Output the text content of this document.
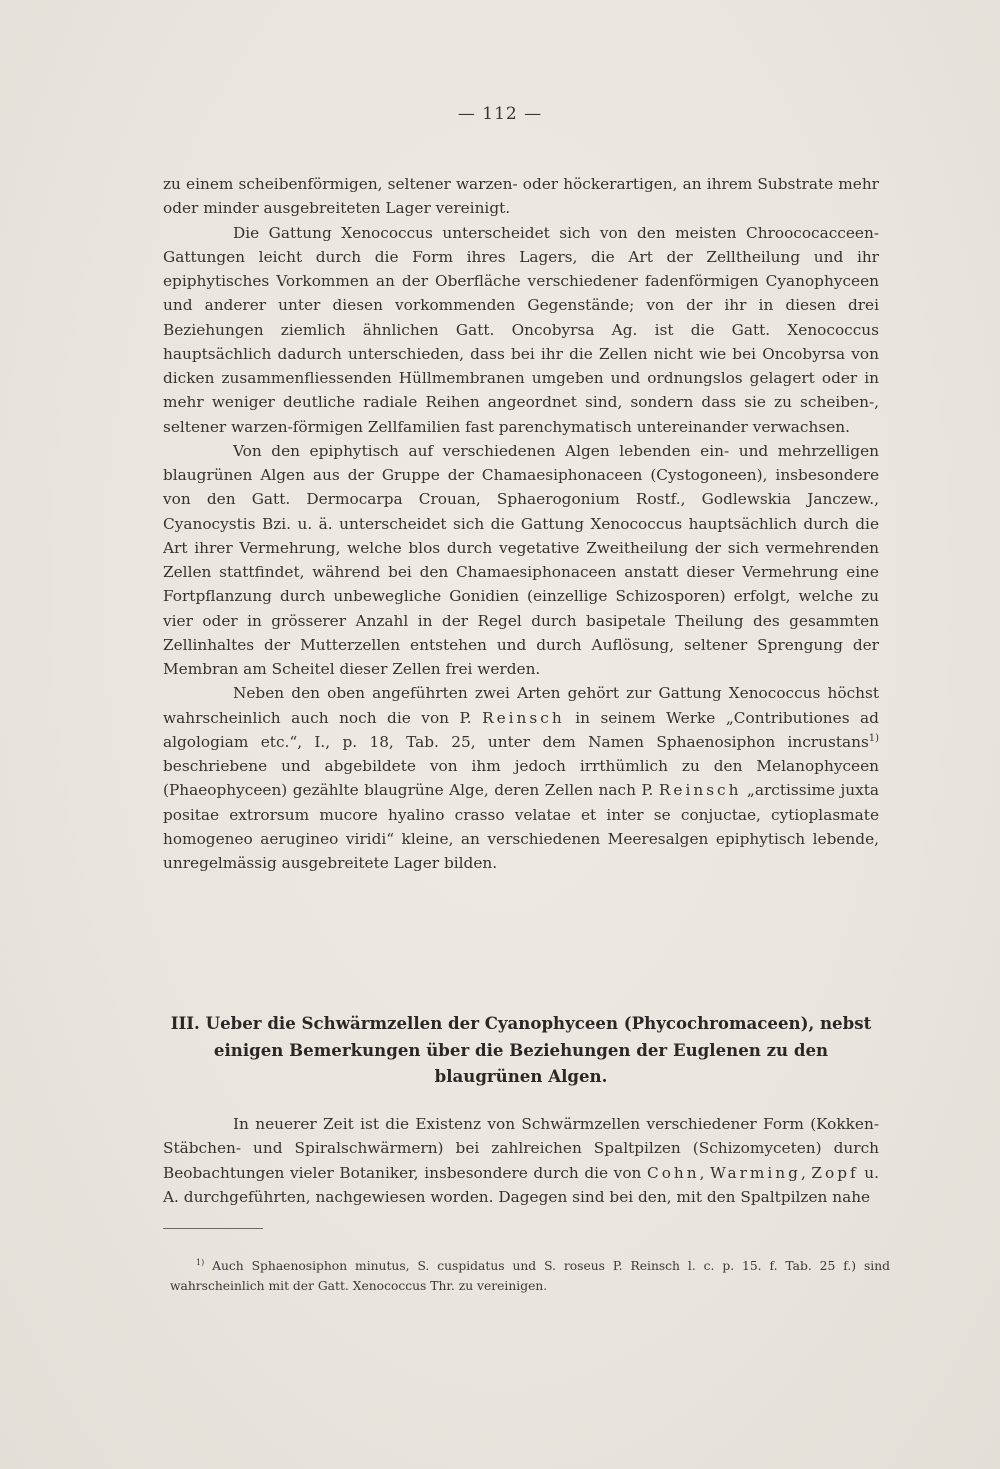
— 112 —

zu einem scheibenförmigen, seltener warzen- oder höckerartigen, an ihrem Substrate mehr oder minder ausgebreiteten Lager vereinigt.

Die Gattung Xenococcus unterscheidet sich von den meisten Chroococacceen-Gattungen leicht durch die Form ihres Lagers, die Art der Zelltheilung und ihr epiphytisches Vorkommen an der Oberfläche verschiedener fadenförmigen Cyanophyceen und anderer unter diesen vorkommenden Gegenstände; von der ihr in diesen drei Beziehungen ziemlich ähnlichen Gatt. Oncobyrsa Ag. ist die Gatt. Xenococcus hauptsächlich dadurch unterschieden, dass bei ihr die Zellen nicht wie bei Oncobyrsa von dicken zusammenfliessenden Hüllmembranen umgeben und ordnungslos gelagert oder in mehr weniger deutliche radiale Reihen angeordnet sind, sondern dass sie zu scheiben-, seltener warzen-förmigen Zellfamilien fast parenchymatisch untereinander verwachsen.

Von den epiphytisch auf verschiedenen Algen lebenden ein- und mehrzelligen blaugrünen Algen aus der Gruppe der Chamaesiphonaceen (Cystogoneen), insbesondere von den Gatt. Dermocarpa Crouan, Sphaerogonium Rostf., Godlewskia Janczew., Cyanocystis Bzi. u. ä. unterscheidet sich die Gattung Xenococcus hauptsächlich durch die Art ihrer Vermehrung, welche blos durch vegetative Zweitheilung der sich vermehrenden Zellen stattfindet, während bei den Chamaesiphonaceen anstatt dieser Vermehrung eine Fortpflanzung durch unbewegliche Gonidien (einzellige Schizosporen) erfolgt, welche zu vier oder in grösserer Anzahl in der Regel durch basipetale Theilung des gesammten Zellinhaltes der Mutterzellen entstehen und durch Auflösung, seltener Sprengung der Membran am Scheitel dieser Zellen frei werden.

Neben den oben angeführten zwei Arten gehört zur Gattung Xenococcus höchst wahrscheinlich auch noch die von P. Reinsch in seinem Werke „Contributiones ad algologiam etc.“, I., p. 18, Tab. 25, unter dem Namen Sphaenosiphon incrustans$^{1)}$ beschriebene und abgebildete von ihm jedoch irrthümlich zu den Melanophyceen (Phaeophyceen) gezählte blaugrüne Alge, deren Zellen nach P. Reinsch „arctissime juxta positae extrorsum mucore hyalino crasso velatae et inter se conjuctae, cytioplasmate homogeneo aerugineo viridi“ kleine, an verschiedenen Meeresalgen epiphytisch lebende, unregelmässig ausgebreitete Lager bilden.

III. Ueber die Schwärmzellen der Cyanophyceen (Phycochromaceen), nebst einigen Bemerkungen über die Beziehungen der Euglenen zu den blaugrünen Algen.

In neuerer Zeit ist die Existenz von Schwärmzellen verschiedener Form (Kokken-Stäbchen- und Spiralschwärmern) bei zahlreichen Spaltpilzen (Schizomyceten) durch Beobachtungen vieler Botaniker, insbesondere durch die von Cohn, Warming, Zopf u. A. durchgeführten, nachgewiesen worden. Dagegen sind bei den, mit den Spaltpilzen nahe

$^{1)}$ Auch Sphaenosiphon minutus, S. cuspidatus und S. roseus P. Reinsch l. c. p. 15. f. Tab. 25 f.) sind wahrscheinlich mit der Gatt. Xenococcus Thr. zu vereinigen.
